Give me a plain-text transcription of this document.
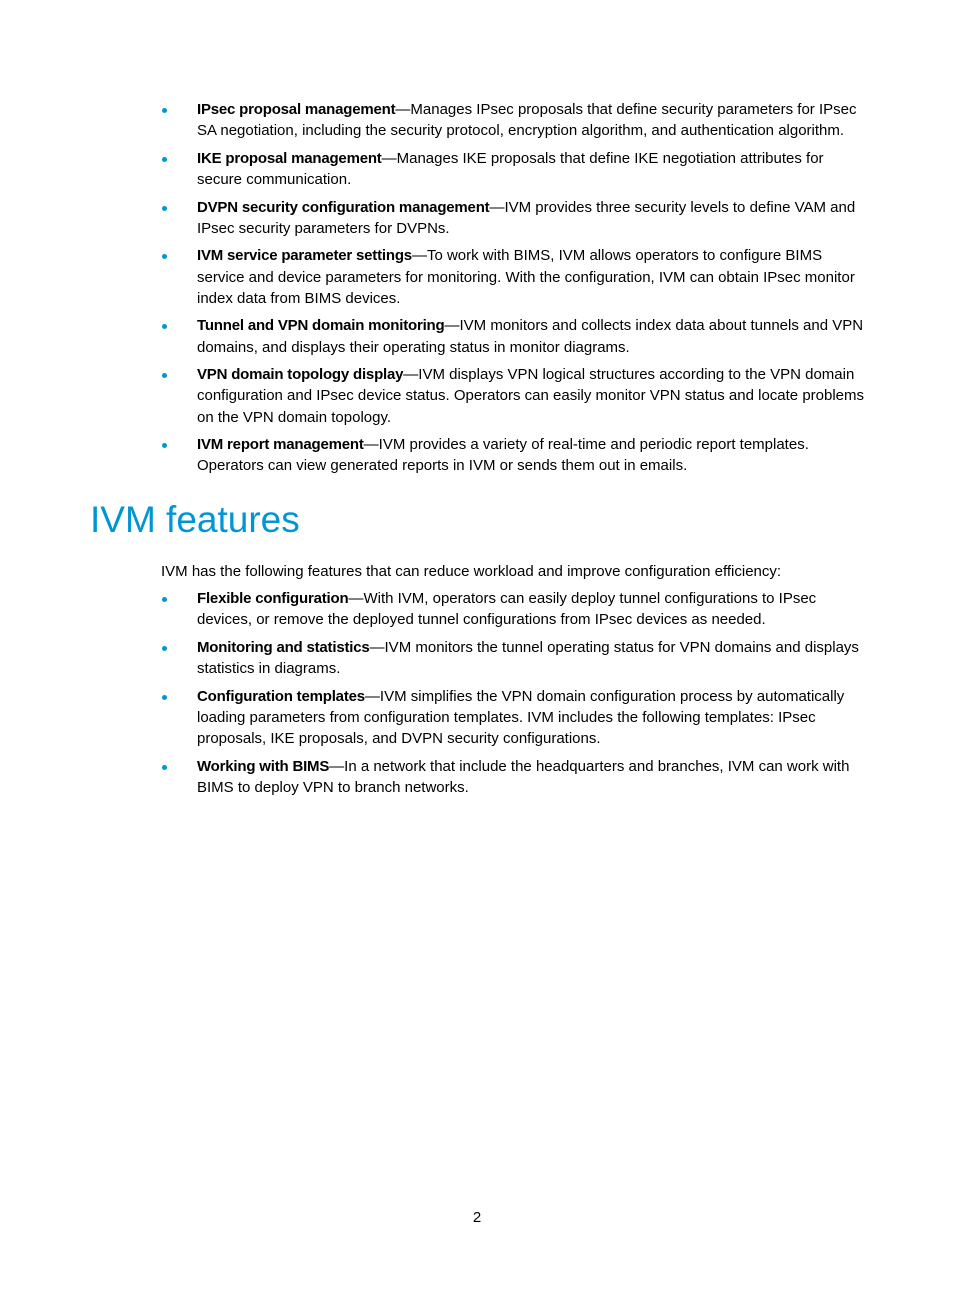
IPsec proposal management—Manages IPsec proposals that define security parameters for IPsec SA negotiation, including the security protocol, encryption algorithm, and authentication algorithm.
IKE proposal management—Manages IKE proposals that define IKE negotiation attributes for secure communication.
DVPN security configuration management—IVM provides three security levels to define VAM and IPsec security parameters for DVPNs.
IVM service parameter settings—To work with BIMS, IVM allows operators to configure BIMS service and device parameters for monitoring. With the configuration, IVM can obtain IPsec monitor index data from BIMS devices.
Tunnel and VPN domain monitoring—IVM monitors and collects index data about tunnels and VPN domains, and displays their operating status in monitor diagrams.
VPN domain topology display—IVM displays VPN logical structures according to the VPN domain configuration and IPsec device status. Operators can easily monitor VPN status and locate problems on the VPN domain topology.
IVM report management—IVM provides a variety of real-time and periodic report templates. Operators can view generated reports in IVM or sends them out in emails.
IVM features

IVM has the following features that can reduce workload and improve configuration efficiency:

Flexible configuration—With IVM, operators can easily deploy tunnel configurations to IPsec devices, or remove the deployed tunnel configurations from IPsec devices as needed.
Monitoring and statistics—IVM monitors the tunnel operating status for VPN domains and displays statistics in diagrams.
Configuration templates—IVM simplifies the VPN domain configuration process by automatically loading parameters from configuration templates. IVM includes the following templates: IPsec proposals, IKE proposals, and DVPN security configurations.
Working with BIMS—In a network that include the headquarters and branches, IVM can work with BIMS to deploy VPN to branch networks.
2
